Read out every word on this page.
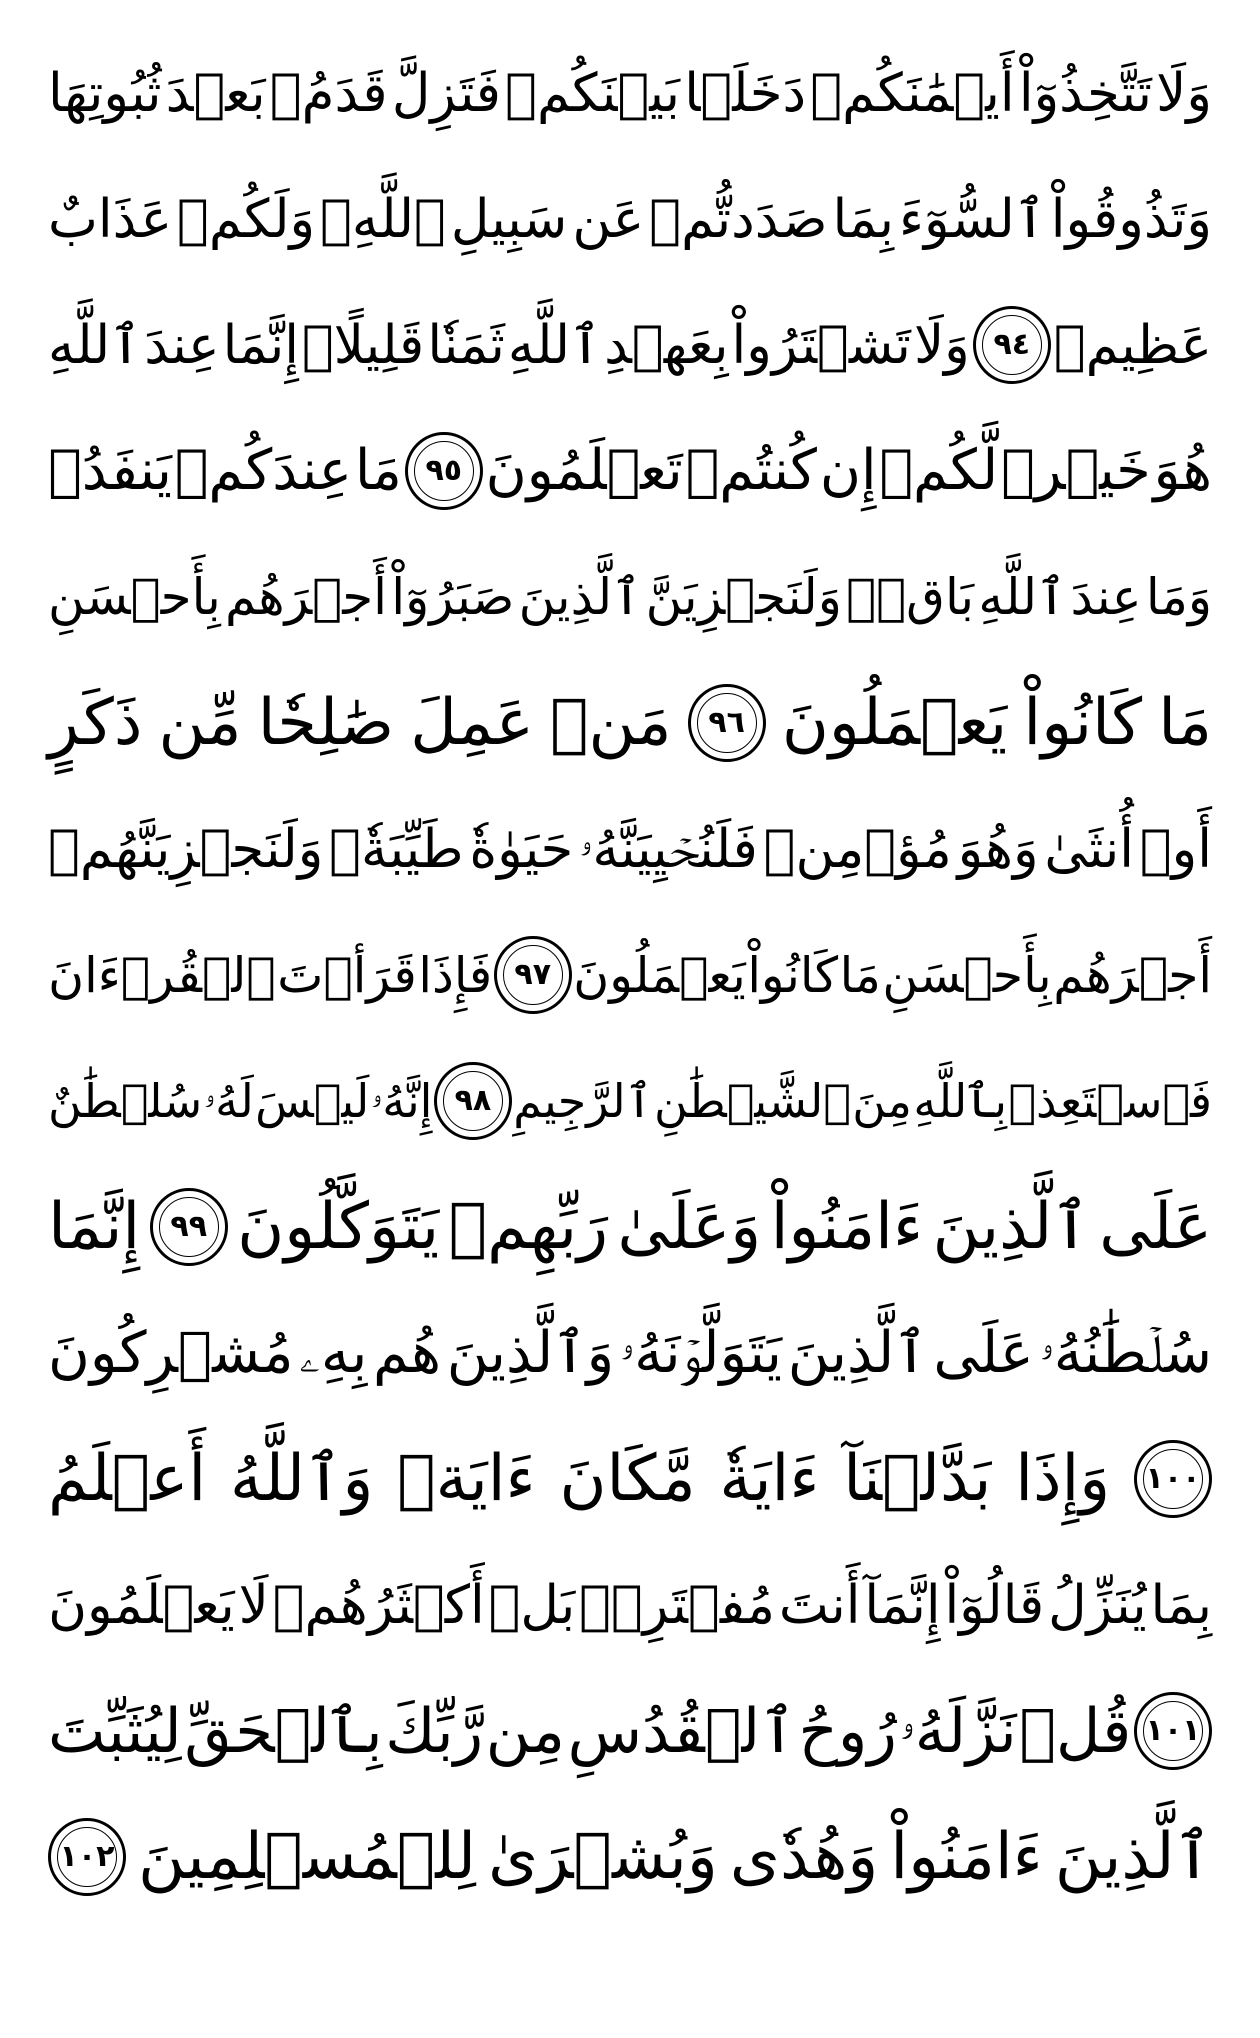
وَلَا
تَتَّخِذُوٓاْ
أَيۡمَٰنَكُمۡ
دَخَلَۢا
بَيۡنَكُمۡ
فَتَزِلَّ
قَدَمُۢ
بَعۡدَ
ثُبُوتِهَا
وَتَذُوقُواْ
ٱلسُّوٓءَ
بِمَا
صَدَدتُّمۡ
عَن
سَبِيلِ
ٱللَّهِۖ
وَلَكُمۡ
عَذَابٌ
عَظِيمٞ
٩٤
وَلَا
تَشۡتَرُواْ
بِعَهۡدِ
ٱللَّهِ
ثَمَنٗا
قَلِيلًاۚ
إِنَّمَا
عِندَ
ٱللَّهِ
هُوَ
خَيۡرٞ
لَّكُمۡ
إِن
كُنتُمۡ
تَعۡلَمُونَ
٩٥
مَا
عِندَكُمۡ
يَنفَدُۖ
وَمَا
عِندَ
ٱللَّهِ
بَاقٖۗ
وَلَنَجۡزِيَنَّ
ٱلَّذِينَ
صَبَرُوٓاْ
أَجۡرَهُم
بِأَحۡسَنِ
مَا
كَانُواْ
يَعۡمَلُونَ
٩٦
مَنۡ
عَمِلَ
صَٰلِحٗا
مِّن
ذَكَرٍ
أَوۡ
أُنثَىٰ
وَهُوَ
مُؤۡمِنٞ
فَلَنُحۡيِيَنَّهُۥ
حَيَوٰةٗ
طَيِّبَةٗۖ
وَلَنَجۡزِيَنَّهُمۡ
أَجۡرَهُم
بِأَحۡسَنِ
مَا
كَانُواْ
يَعۡمَلُونَ
٩٧
فَإِذَا
قَرَأۡتَ
ٱلۡقُرۡءَانَ
فَٱسۡتَعِذۡ
بِٱللَّهِ
مِنَ
ٱلشَّيۡطَٰنِ
ٱلرَّجِيمِ
٩٨
إِنَّهُۥ
لَيۡسَ
لَهُۥ
سُلۡطَٰنٌ
عَلَى
ٱلَّذِينَ
ءَامَنُواْ
وَعَلَىٰ
رَبِّهِمۡ
يَتَوَكَّلُونَ
٩٩
إِنَّمَا
سُلۡطَٰنُهُۥ
عَلَى
ٱلَّذِينَ
يَتَوَلَّوۡنَهُۥ
وَٱلَّذِينَ
هُم
بِهِۦ
مُشۡرِكُونَ
١٠٠
وَإِذَا
بَدَّلۡنَآ
ءَايَةٗ
مَّكَانَ
ءَايَةٖ
وَٱللَّهُ
أَعۡلَمُ
بِمَا
يُنَزِّلُ
قَالُوٓاْ
إِنَّمَآ
أَنتَ
مُفۡتَرِۭۚ
بَلۡ
أَكۡثَرُهُمۡ
لَا
يَعۡلَمُونَ
١٠١
قُلۡ
نَزَّلَهُۥ
رُوحُ
ٱلۡقُدُسِ
مِن
رَّبِّكَ
بِٱلۡحَقِّ
لِيُثَبِّتَ
ٱلَّذِينَ
ءَامَنُواْ
وَهُدٗى
وَبُشۡرَىٰ
لِلۡمُسۡلِمِينَ
١٠٢
